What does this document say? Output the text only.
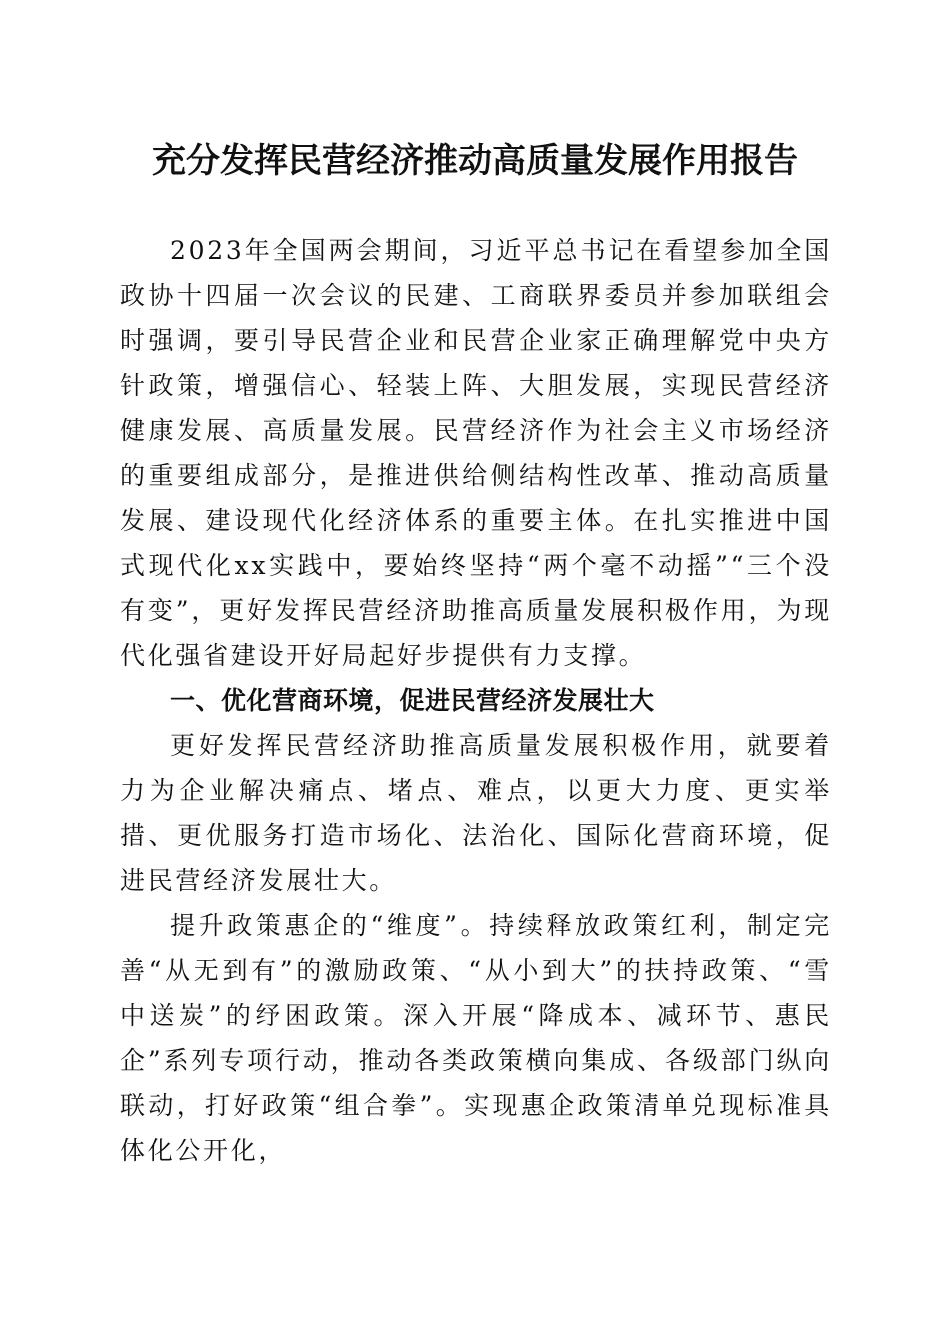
充分发挥民营经济推动高质量发展作用报告

2023年全国两会期间，习近平总书记在看望参加全国政协十四届一次会议的民建、工商联界委员并参加联组会时强调，要引导民营企业和民营企业家正确理解党中央方针政策，增强信心、轻装上阵、大胆发展，实现民营经济健康发展、高质量发展。民营经济作为社会主义市场经济的重要组成部分，是推进供给侧结构性改革、推动高质量发展、建设现代化经济体系的重要主体。在扎实推进中国式现代化xx实践中，要始终坚持“两个毫不动摇”“三个没有变”，更好发挥民营经济助推高质量发展积极作用，为现代化强省建设开好局起好步提供有力支撑。

一、优化营商环境，促进民营经济发展壮大

更好发挥民营经济助推高质量发展积极作用，就要着力为企业解决痛点、堵点、难点，以更大力度、更实举措、更优服务打造市场化、法治化、国际化营商环境，促进民营经济发展壮大。

提升政策惠企的“维度”。持续释放政策红利，制定完善“从无到有”的激励政策、“从小到大”的扶持政策、“雪中送炭”的纾困政策。深入开展“降成本、减环节、惠民企”系列专项行动，推动各类政策横向集成、各级部门纵向联动，打好政策“组合拳”。实现惠企政策清单兑现标准具体化公开化，
